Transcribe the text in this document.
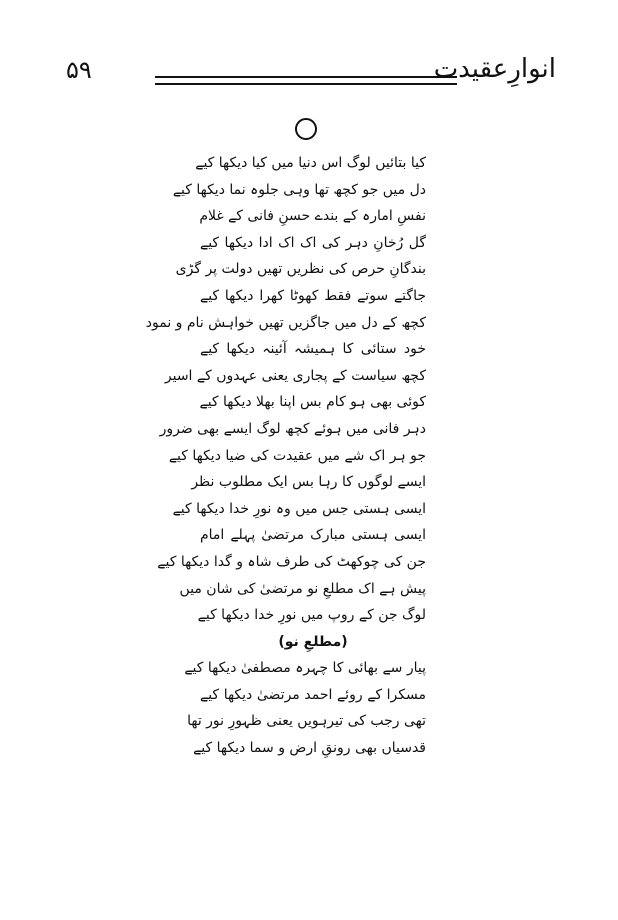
انوارِعقیدت
۵۹
کیا بتائیں لوگ اس دنیا میں کیا دیکھا کیے
دل میں جو کچھ تھا وہی جلوہ نما دیکھا کیے
نفسِ امارہ کے بندے حسنِ فانی کے غلام
گل رُخانِ دہر کی اک اک ادا دیکھا کیے
بندگانِ حرص کی نظریں تھیں دولت پر گڑی
جاگتے سوتے فقط کھوٹا کھرا دیکھا کیے
کچھ کے دل میں جاگزیں تھیں خواہش نام و نمود
خود ستائی کا ہمیشہ آئینہ دیکھا کیے
کچھ سیاست کے پجاری یعنی عہدوں کے اسیر
کوئی بھی ہو کام بس اپنا بھلا دیکھا کیے
دہر فانی میں ہوئے کچھ لوگ ایسے بھی ضرور
جو ہر اک شے میں عقیدت کی ضیا دیکھا کیے
ایسے لوگوں کا رہا بس ایک مطلوب نظر
ایسی ہستی جس میں وہ نورِ خدا دیکھا کیے
ایسی ہستی مبارک مرتضیٰ پہلے امام
جن کی چوکھٹ کی طرف شاہ و گدا دیکھا کیے
پیش ہے اک مطلعِ نو مرتضیٰ کی شان میں
لوگ جن کے روپ میں نورِ خدا دیکھا کیے
(مطلعِ نو)
پیار سے بھائی کا چہرہ مصطفیٰ دیکھا کیے
مسکرا کے روئے احمد مرتضیٰ دیکھا کیے
تھی رجب کی تیرہویں یعنی ظہورِ نور تھا
قدسیاں بھی رونقِ ارض و سما دیکھا کیے
